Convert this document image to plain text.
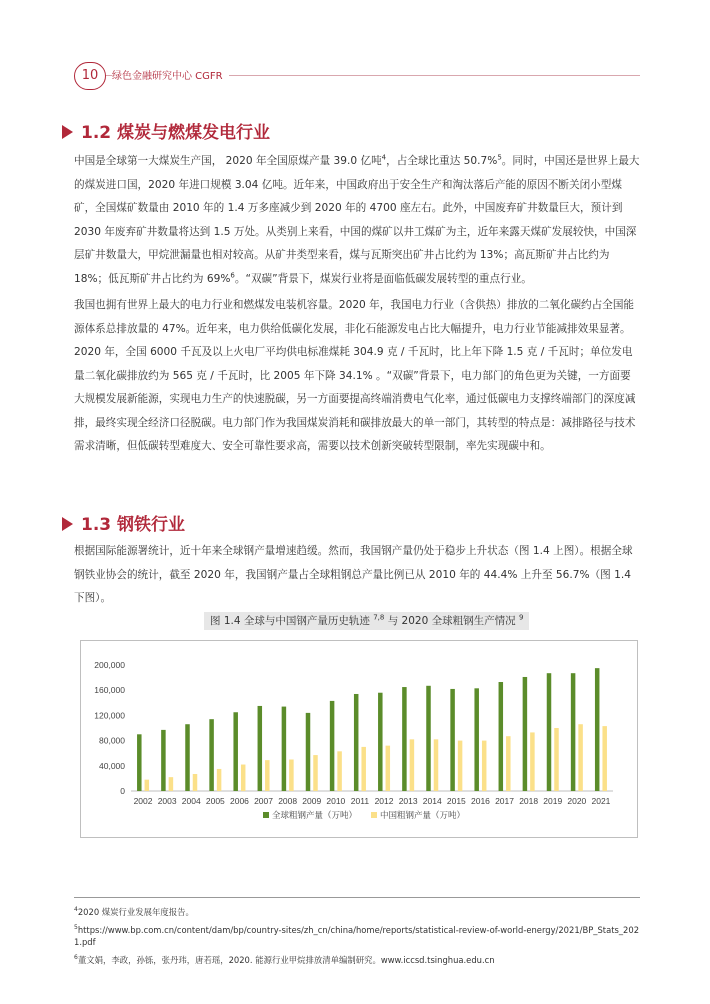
10	绿色金融研究中心 CGFR
1.2 煤炭与燃煤发电行业

中国是全球第一大煤炭生产国， 2020 年全国原煤产量 39.0 亿吨$^4$，占全球比重达 50.7%$^5$。同时，中国还是世界上最大的煤炭进口国，2020 年进口规模 3.04 亿吨。近年来，中国政府出于安全生产和淘汰落后产能的原因不断关闭小型煤矿，全国煤矿数量由 2010 年的 1.4 万多座减少到 2020 年的 4700 座左右。此外，中国废弃矿井数量巨大，预计到 2030 年废弃矿井数量将达到 1.5 万处。从类别上来看，中国的煤矿以井工煤矿为主，近年来露天煤矿发展较快，中国深层矿井数量大，甲烷泄漏量也相对较高。从矿井类型来看，煤与瓦斯突出矿井占比约为 13%；高瓦斯矿井占比约为 18%；低瓦斯矿井占比约为 69%$^6$。“双碳”背景下，煤炭行业将是面临低碳发展转型的重点行业。

我国也拥有世界上最大的电力行业和燃煤发电装机容量。2020 年，我国电力行业（含供热）排放的二氧化碳约占全国能源体系总排放量的 47%。近年来，电力供给低碳化发展，非化石能源发电占比大幅提升，电力行业节能减排效果显著。2020 年，全国 6000 千瓦及以上火电厂平均供电标准煤耗 304.9 克 / 千瓦时，比上年下降 1.5 克 / 千瓦时；单位发电量二氧化碳排放约为 565 克 / 千瓦时，比 2005 年下降 34.1% 。“双碳”背景下，电力部门的角色更为关键，一方面要大规模发展新能源，实现电力生产的快速脱碳，另一方面要提高终端消费电气化率，通过低碳电力支撑终端部门的深度减排，最终实现全经济口径脱碳。电力部门作为我国煤炭消耗和碳排放最大的单一部门，其转型的特点是：减排路径与技术需求清晰，但低碳转型难度大、安全可靠性要求高，需要以技术创新突破转型限制，率先实现碳中和。

1.3 钢铁行业

根据国际能源署统计，近十年来全球钢产量增速趋缓。然而，我国钢产量仍处于稳步上升状态（图 1.4 上图）。根据全球钢铁业协会的统计，截至 2020 年，我国钢产量占全球粗钢总产量比例已从 2010 年的 44.4% 上升至 56.7%（图 1.4 下图）。

图 1.4 全球与中国钢产量历史轨迹 $^{7,8}$ 与 2020 全球粗钢生产情况 $^9$
0
40,000
80,000
120,000
160,000
200,000
2002 2003 2004 2005 2006 2007 2008 2009 2010 2011 2012 2013 2014 2015 2016 2017 2018 2019 2020 2021
全球粗钢产量（万吨）	中国粗钢产量（万吨）

$^4$2020 煤炭行业发展年度报告。

$^5$https://www.bp.com.cn/content/dam/bp/country-sites/zh_cn/china/home/reports/statistical-review-of-world-energy/2021/BP_Stats_2021.pdf

$^6$董文娟，李政，孙铄，张丹玮，唐若瑶，2020. 能源行业甲烷排放清单编制研究。www.iccsd.tsinghua.edu.cn
